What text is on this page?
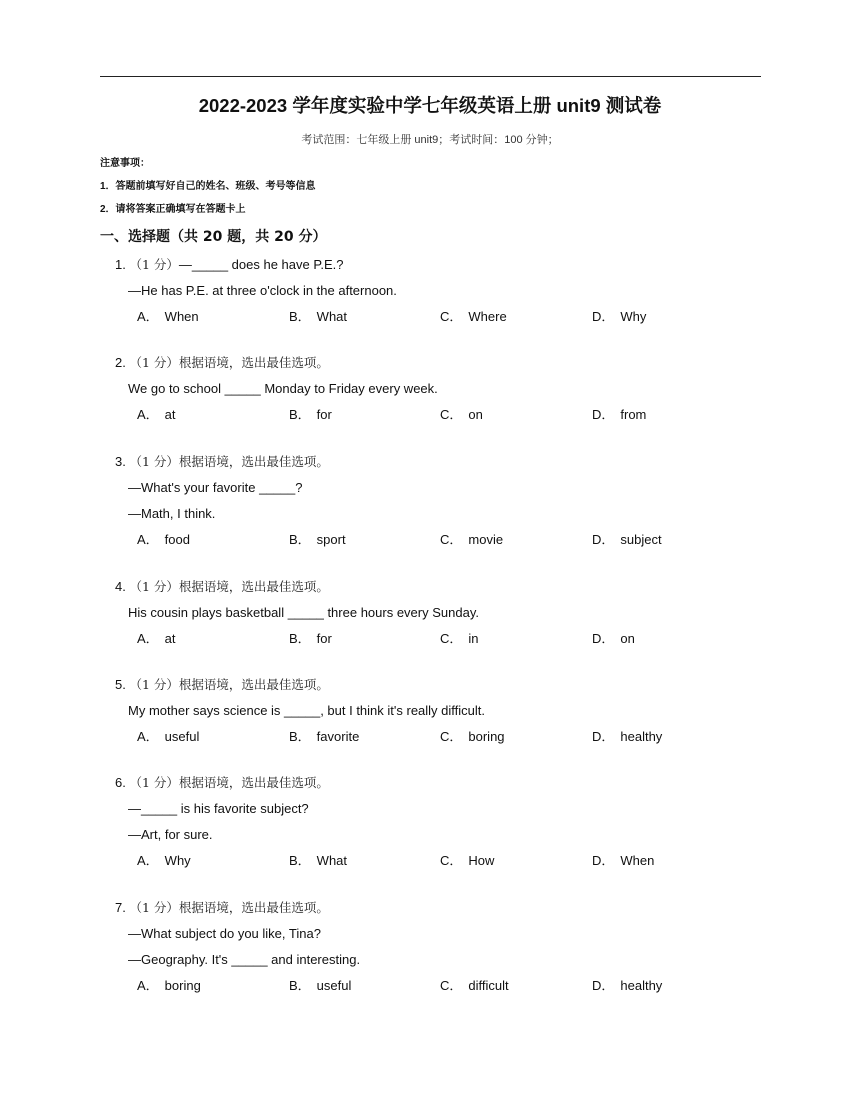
2022-2023 学年度实验中学七年级英语上册 unit9 测试卷
考试范围：七年级上册 unit9；考试时间：100 分钟；
注意事项：
1．答题前填写好自己的姓名、班级、考号等信息
2．请将答案正确填写在答题卡上
一、选择题（共 20 题，共 20 分）
1. （1 分）—_____ does he have P.E.?
—He has P.E. at three o'clock in the afternoon.
A． When	B． What	C． Where	D． Why
2. （1 分）根据语境，选出最佳选项。
We go to school _____ Monday to Friday every week.
A． at	B． for	C． on	D． from
3. （1 分）根据语境，选出最佳选项。
—What's your favorite _____?
—Math, I think.
A． food	B． sport	C． movie	D． subject
4. （1 分）根据语境，选出最佳选项。
His cousin plays basketball _____ three hours every Sunday.
A． at	B． for	C． in	D． on
5. （1 分）根据语境，选出最佳选项。
My mother says science is _____, but I think it's really difficult.
A． useful	B． favorite	C． boring	D． healthy
6. （1 分）根据语境，选出最佳选项。
—_____ is his favorite subject?
—Art, for sure.
A． Why	B． What	C． How	D． When
7. （1 分）根据语境，选出最佳选项。
—What subject do you like, Tina?
—Geography. It's _____ and interesting.
A． boring	B． useful	C． difficult	D． healthy
